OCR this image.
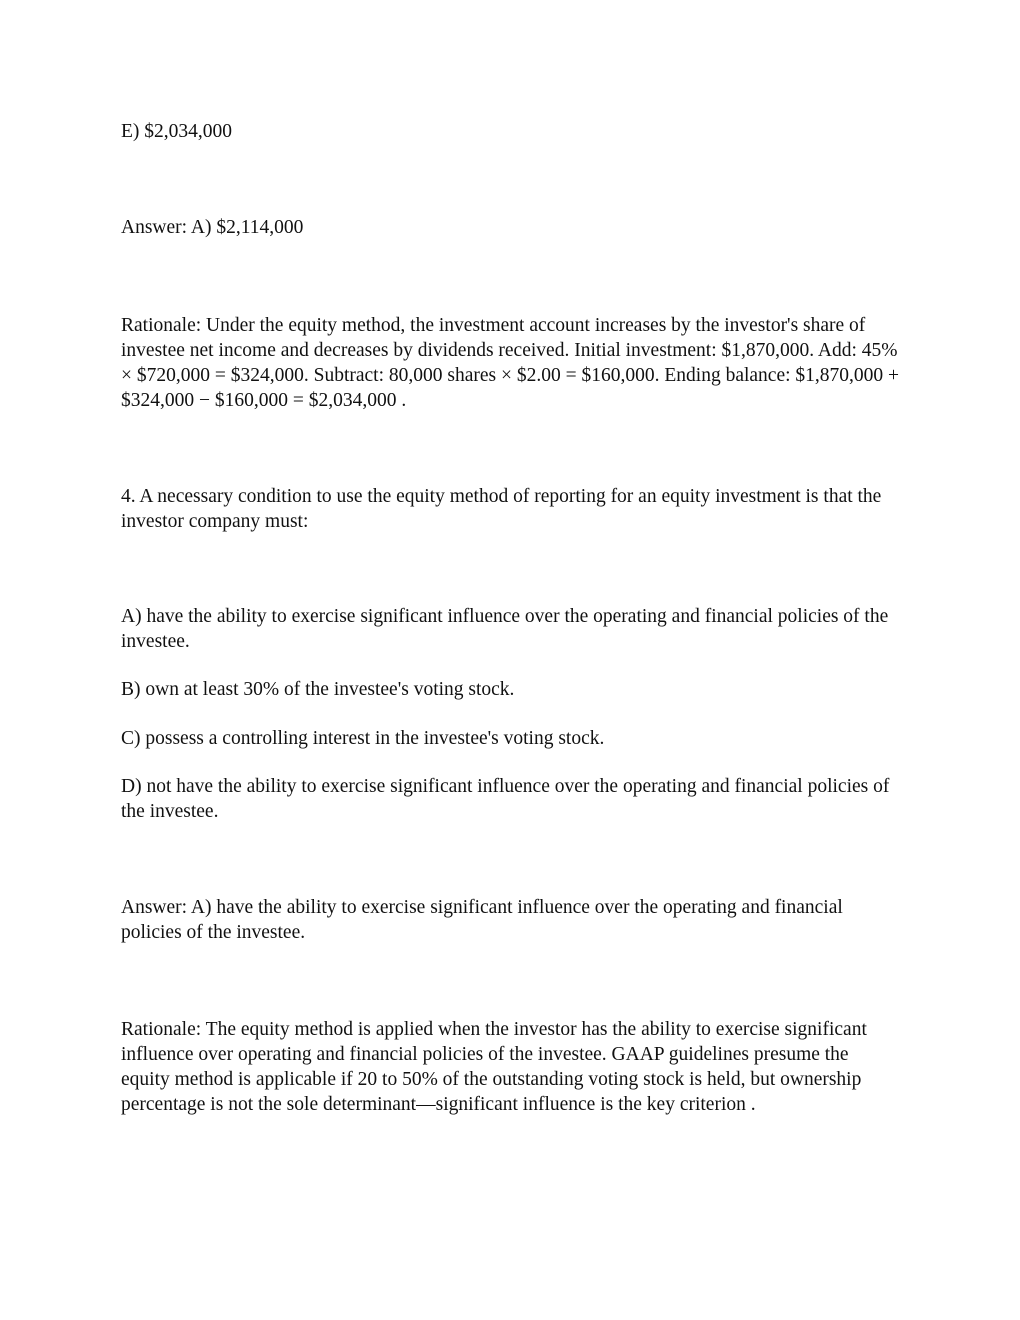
E) $2,034,000

Answer: A) $2,114,000

Rationale: Under the equity method, the investment account increases by the investor's share of investee net income and decreases by dividends received. Initial investment: $1,870,000. Add: 45% × $720,000 = $324,000. Subtract: 80,000 shares × $2.00 = $160,000. Ending balance: $1,870,000 + $324,000 − $160,000 = $2,034,000 .

4. A necessary condition to use the equity method of reporting for an equity investment is that the investor company must:

A) have the ability to exercise significant influence over the operating and financial policies of the investee.

B) own at least 30% of the investee's voting stock.

C) possess a controlling interest in the investee's voting stock.

D) not have the ability to exercise significant influence over the operating and financial policies of the investee.

Answer: A) have the ability to exercise significant influence over the operating and financial policies of the investee.

Rationale: The equity method is applied when the investor has the ability to exercise significant influence over operating and financial policies of the investee. GAAP guidelines presume the equity method is applicable if 20 to 50% of the outstanding voting stock is held, but ownership percentage is not the sole determinant—significant influence is the key criterion .
